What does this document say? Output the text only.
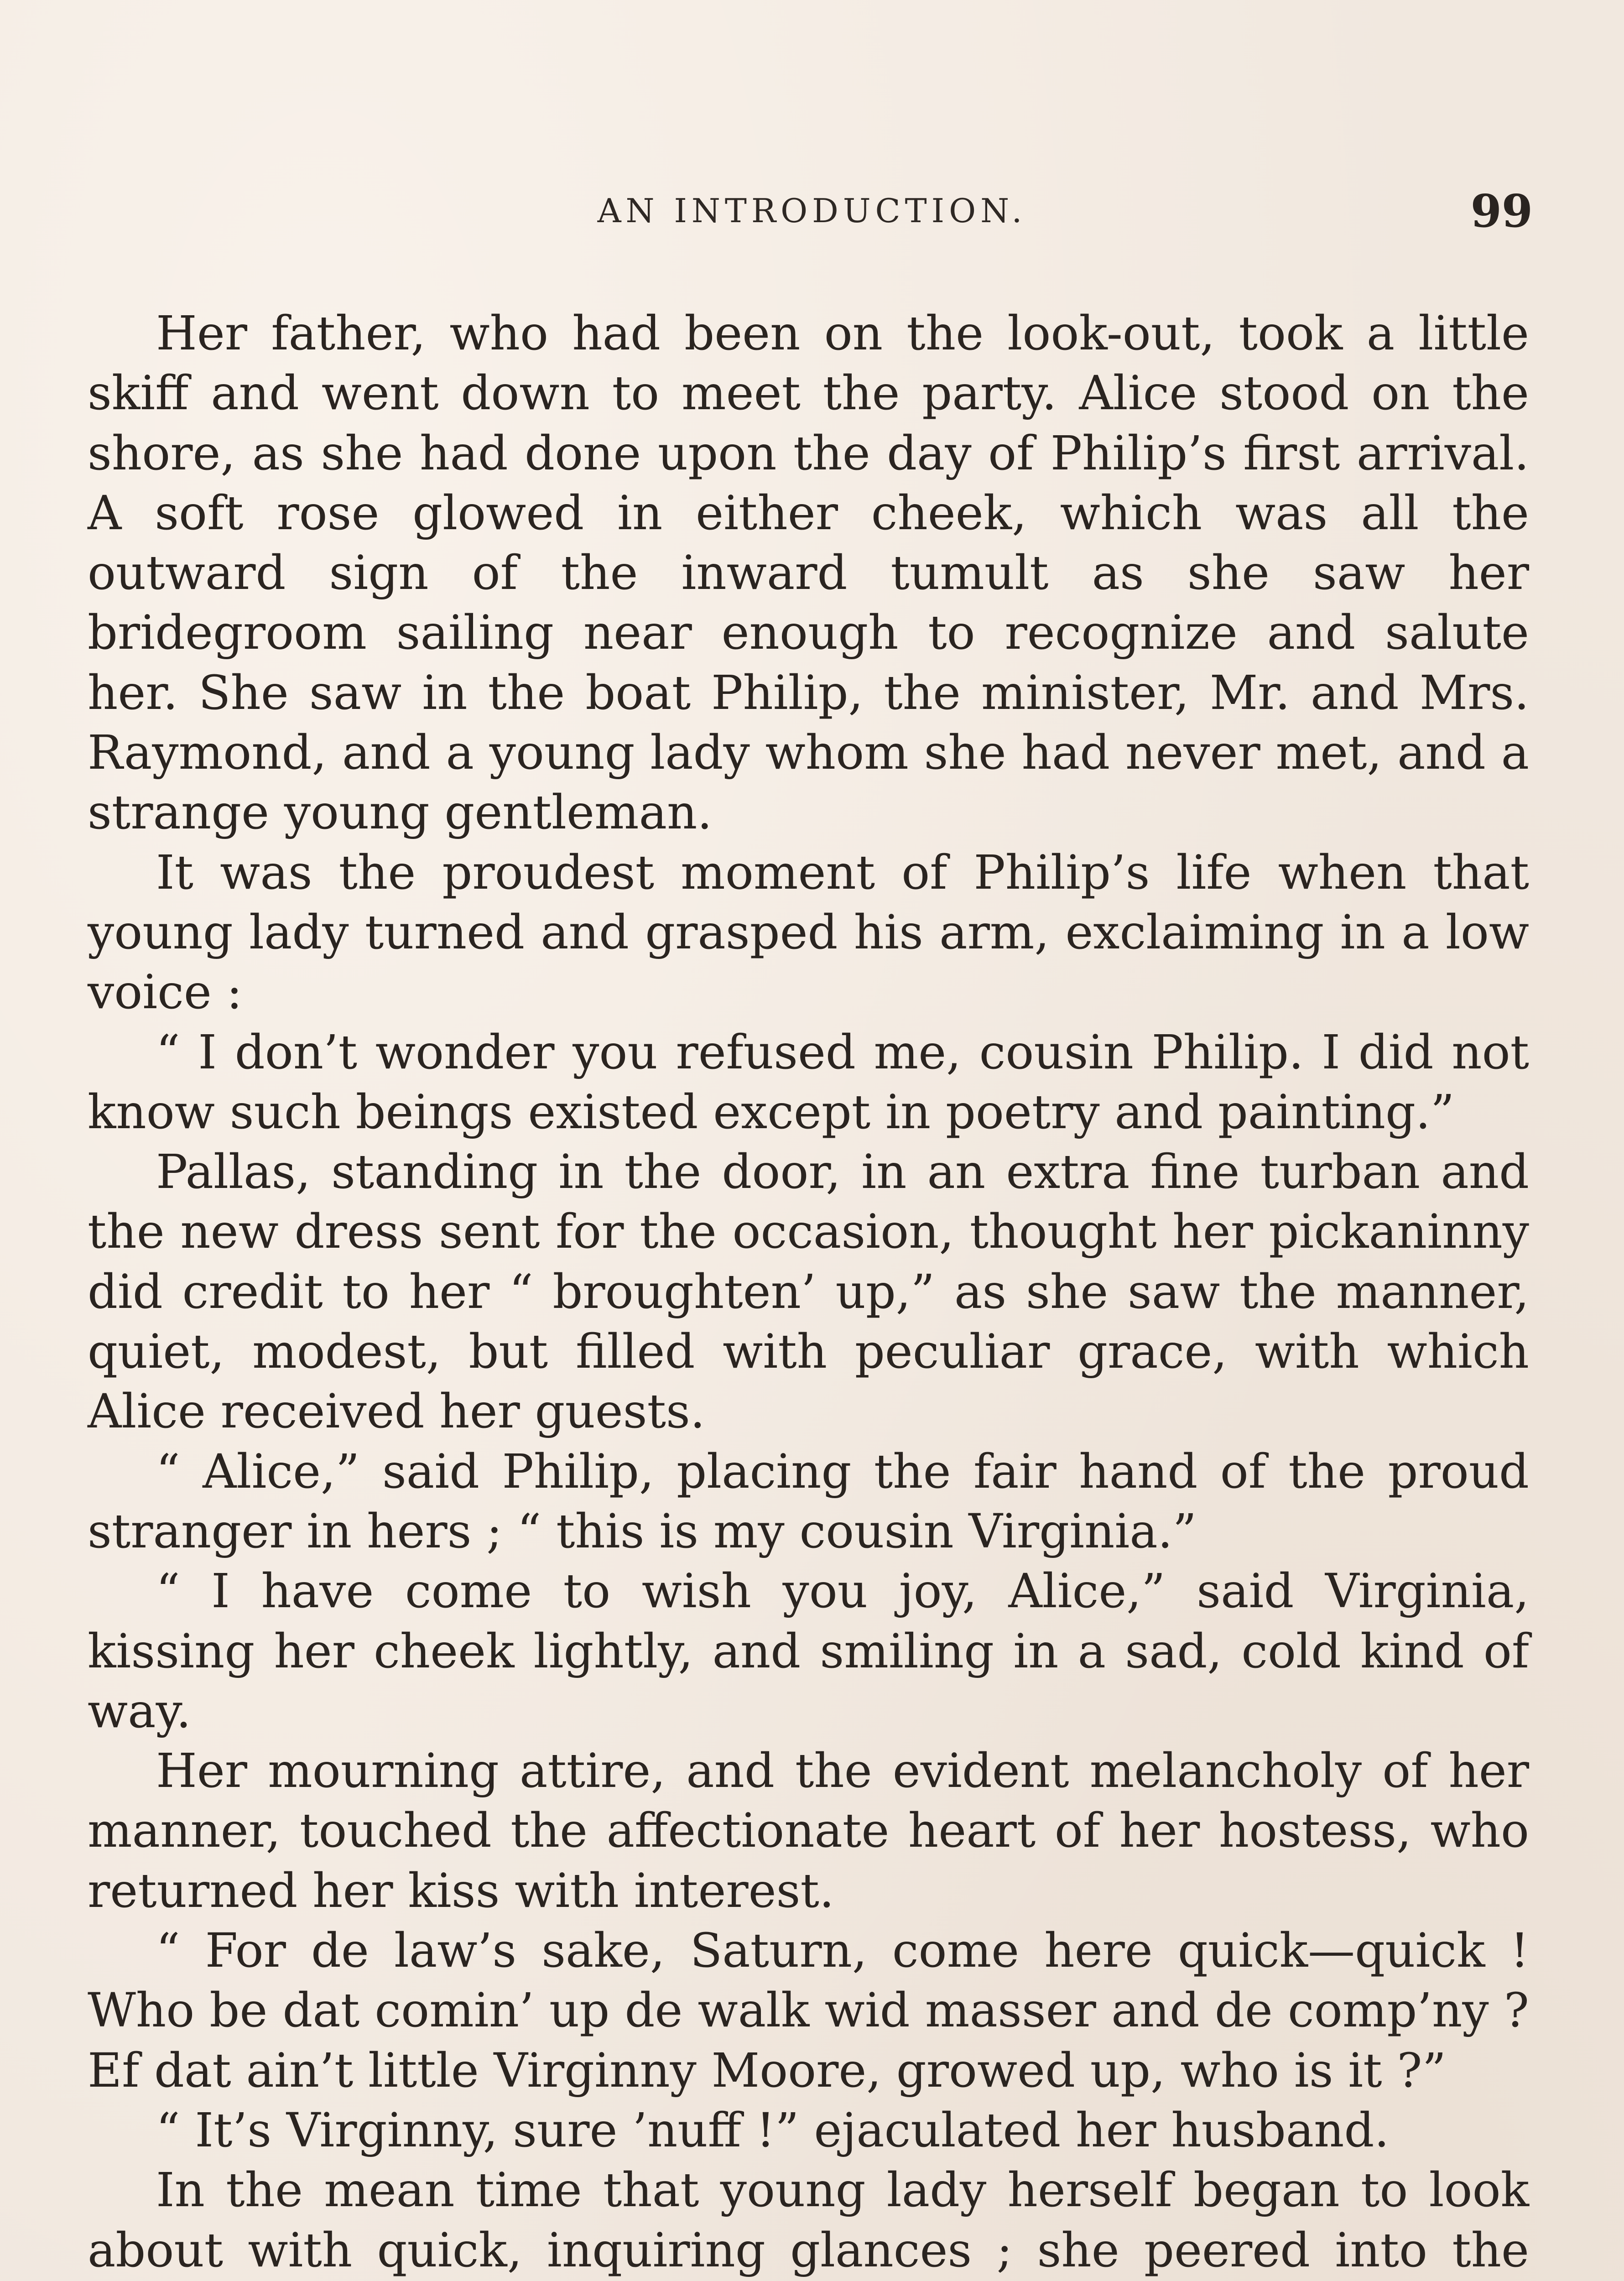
AN INTRODUCTION.	99

Her father, who had been on the look-out, took a little skiff and went down to meet the party. Alice stood on the shore, as she had done upon the day of Philip’s first arrival. A soft rose glowed in either cheek, which was all the outward sign of the inward tumult as she saw her bridegroom sailing near enough to recognize and salute her. She saw in the boat Philip, the minister, Mr. and Mrs. Raymond, and a young lady whom she had never met, and a strange young gentleman.

It was the proudest moment of Philip’s life when that young lady turned and grasped his arm, exclaiming in a low voice :

“ I don’t wonder you refused me, cousin Philip. I did not know such beings existed except in poetry and painting.”

Pallas, standing in the door, in an extra fine turban and the new dress sent for the occasion, thought her pickaninny did credit to her “ broughten’ up,” as she saw the manner, quiet, modest, but filled with peculiar grace, with which Alice received her guests.

“ Alice,” said Philip, placing the fair hand of the proud stranger in hers ; “ this is my cousin Virginia.”

“ I have come to wish you joy, Alice,” said Virginia, kissing her cheek lightly, and smiling in a sad, cold kind of way.

Her mourning attire, and the evident melancholy of her manner, touched the affectionate heart of her hostess, who returned her kiss with interest.

“ For de law’s sake, Saturn, come here quick—quick ! Who be dat comin’ up de walk wid masser and de comp’ny ? Ef dat ain’t little Virginny Moore, growed up, who is it ?”

“ It’s Virginny, sure ’nuff !” ejaculated her husband.

In the mean time that young lady herself began to look about with quick, inquiring glances ; she peered into the
